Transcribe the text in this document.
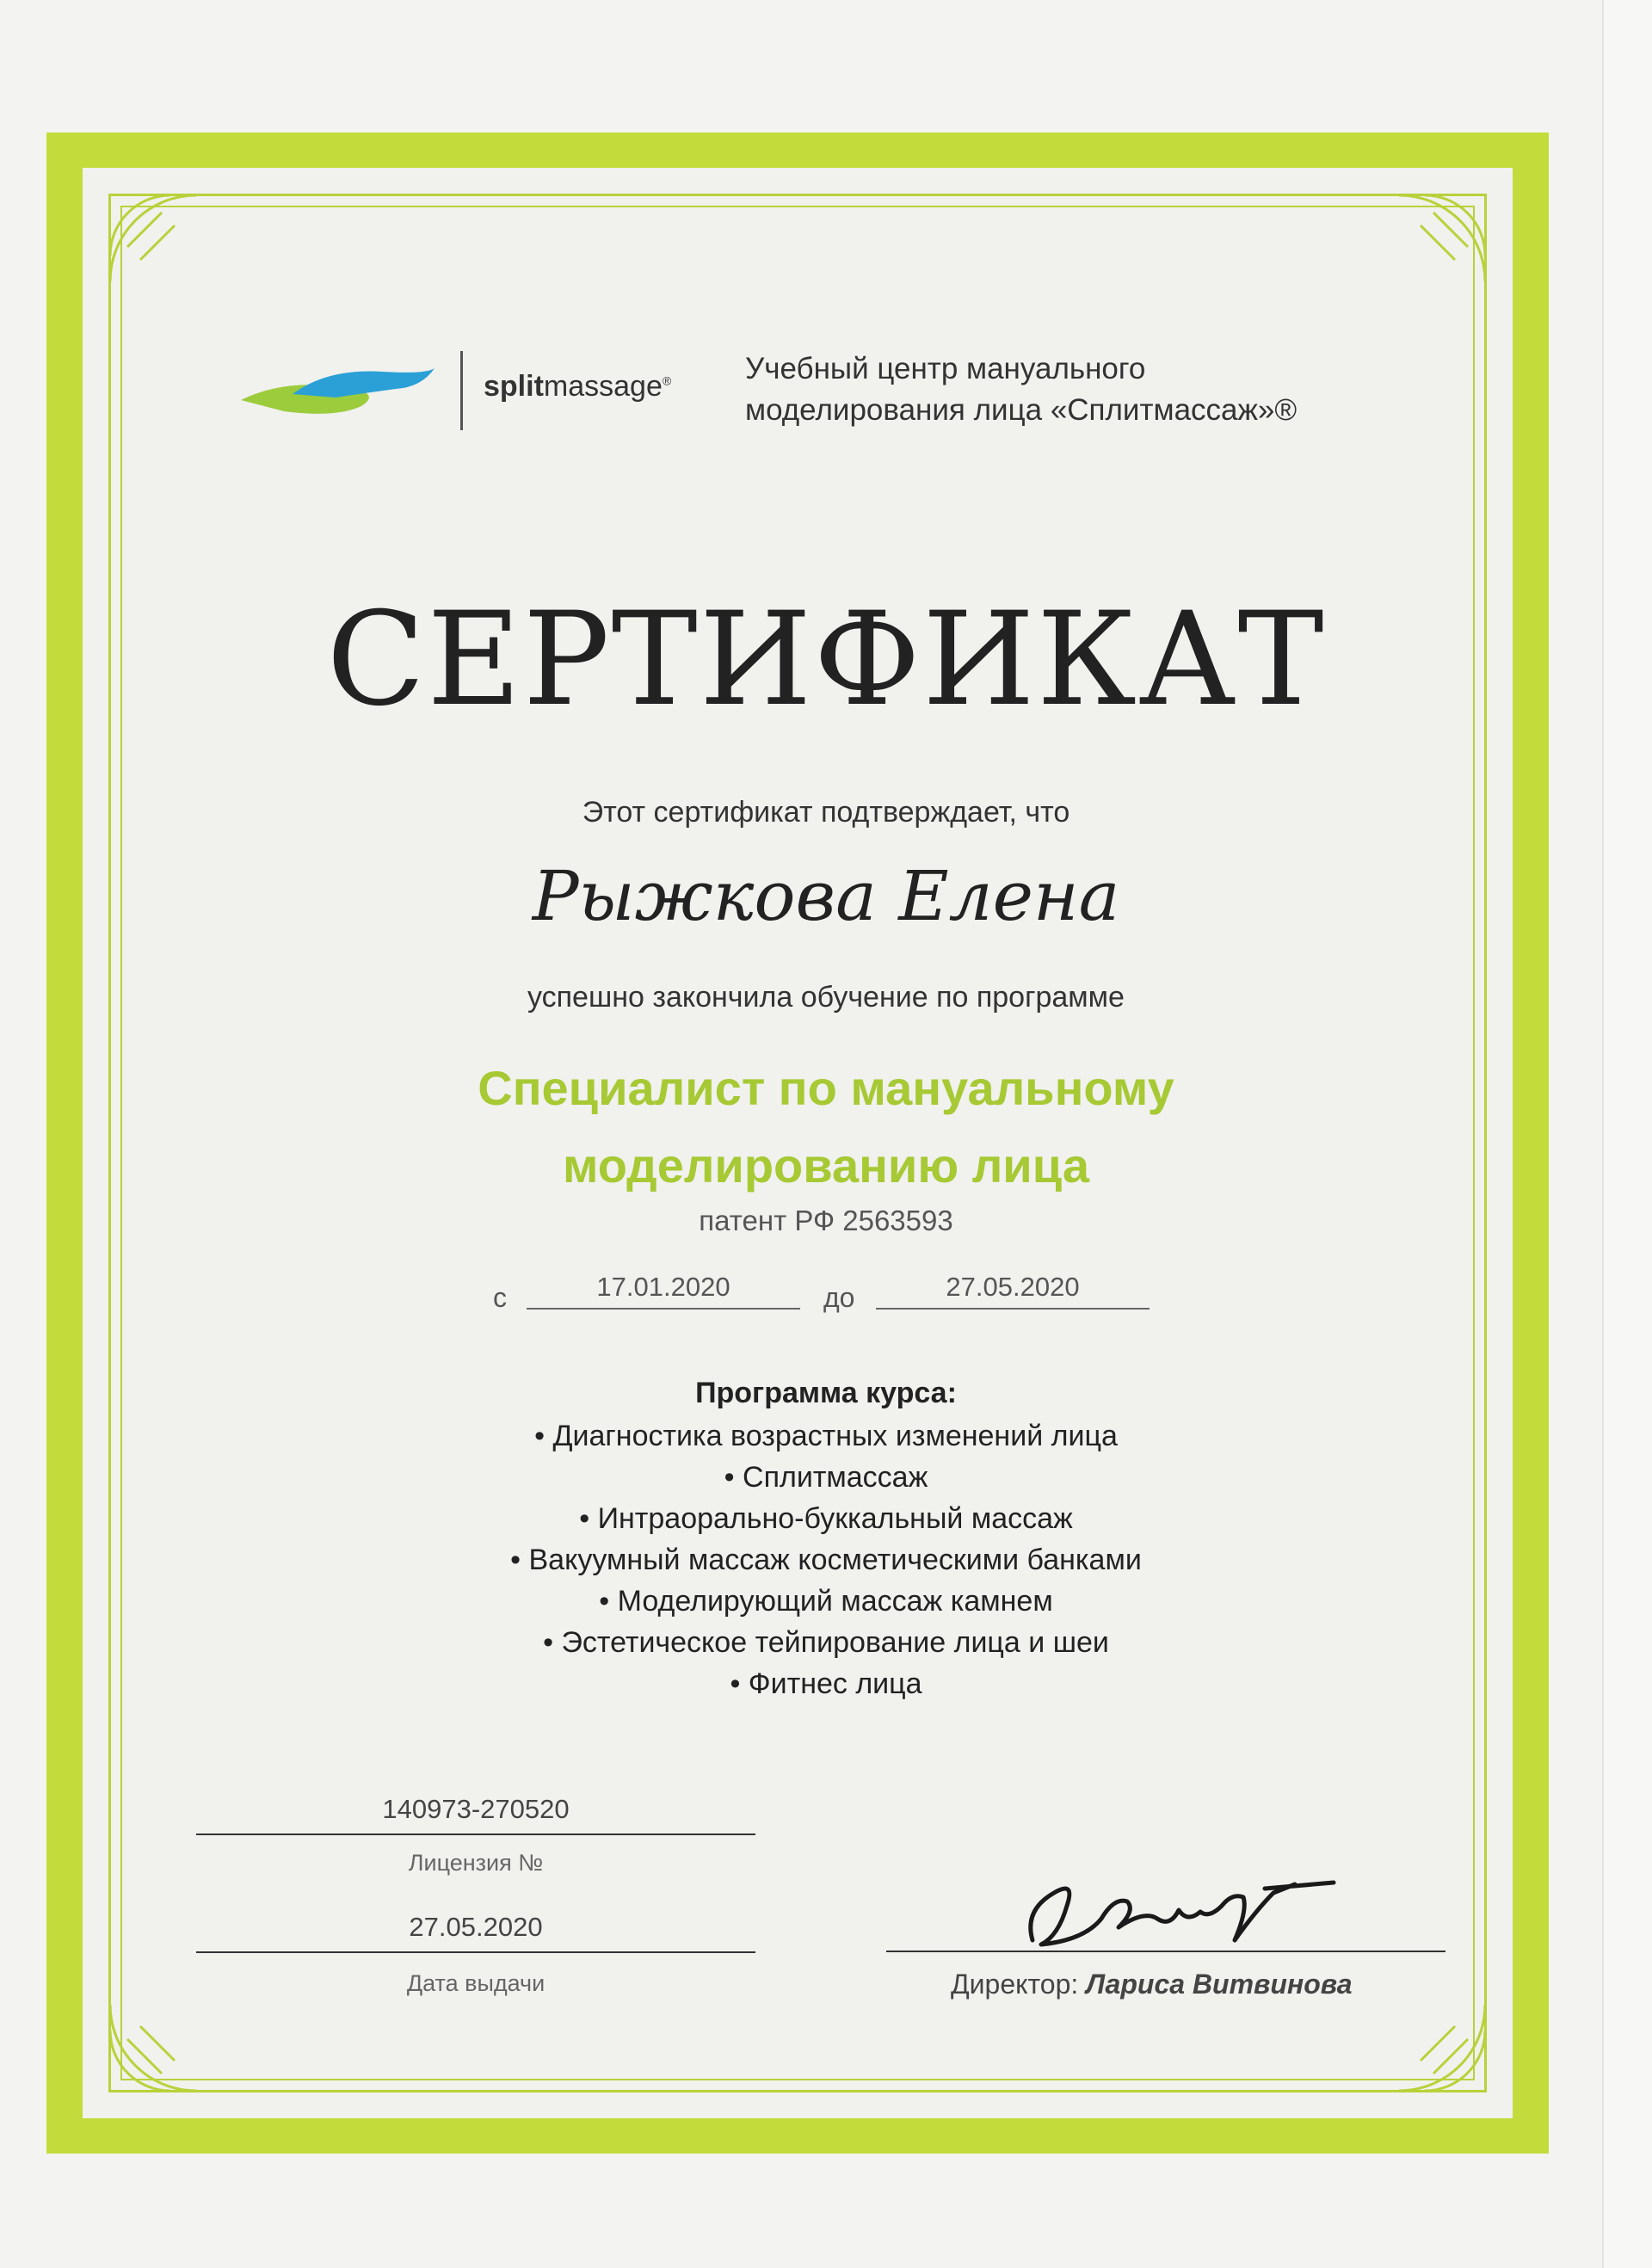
splitmassage® Учебный центр мануального
моделирования лица «Сплитмассаж»®
СЕРТИФИКАТ
Этот сертификат подтверждает, что
Рыжкова Елена
успешно закончила обучение по программе
Специалист по мануальному
моделированию лица
патент РФ 2563593
с	17.01.2020	до	27.05.2020
Программа курса:
• Диагностика возрастных изменений лица
• Сплитмассаж
• Интраорально-буккальный массаж
• Вакуумный массаж косметическими банками
• Моделирующий массаж камнем
• Эстетическое тейпирование лица и шеи
• Фитнес лица
140973-270520
Лицензия №
27.05.2020
Дата выдачи	Директор: Лариса Витвинова
